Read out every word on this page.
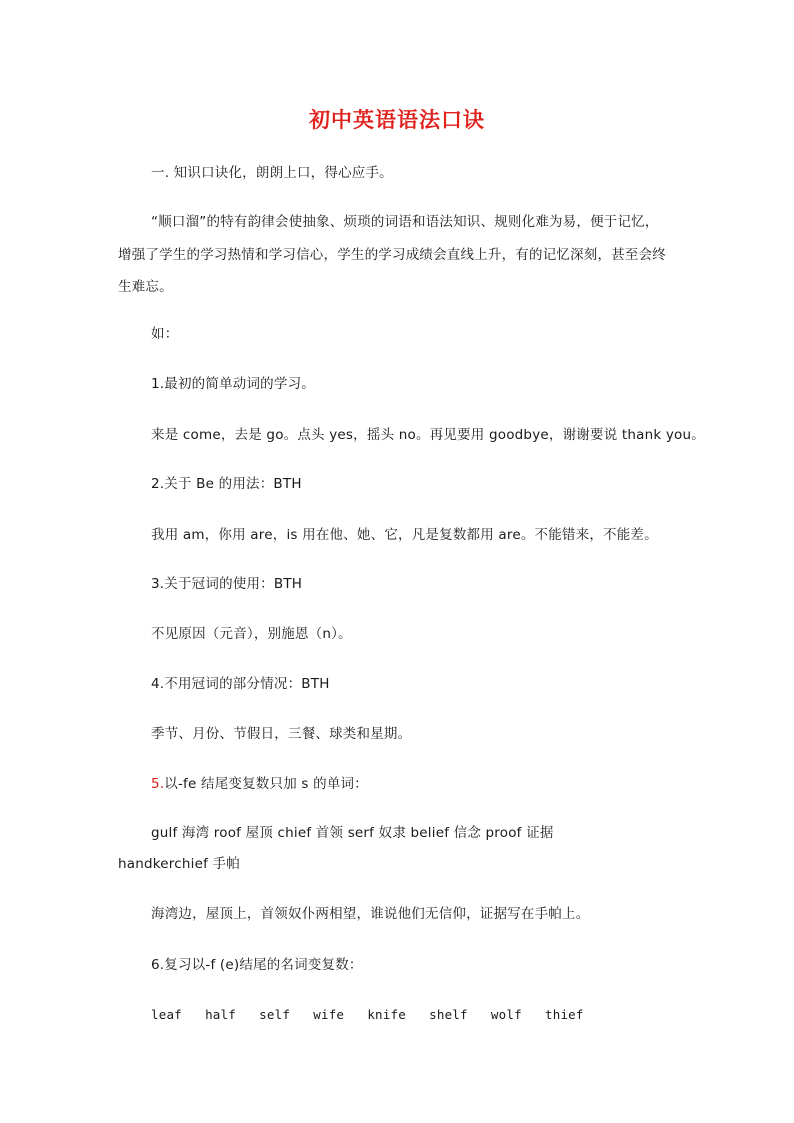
初中英语语法口诀
一. 知识口诀化，朗朗上口，得心应手。
“顺口溜”的特有韵律会使抽象、烦琐的词语和语法知识、规则化难为易，便于记忆，
增强了学生的学习热情和学习信心，学生的学习成绩会直线上升，有的记忆深刻，甚至会终
生难忘。
如：
1.最初的简单动词的学习。
来是 come，去是 go。点头 yes，摇头 no。再见要用 goodbye，谢谢要说 thank you。
2.关于 Be 的用法：BTH
我用 am，你用 are，is 用在他、她、它，凡是复数都用 are。不能错来，不能差。
3.关于冠词的使用：BTH
不见原因（元音），别施恩（n）。
4.不用冠词的部分情况：BTH
季节、月份、节假日，三餐、球类和星期。
5.以-fe 结尾变复数只加 s 的单词：
gulf 海湾 roof 屋顶 chief 首领 serf 奴隶 belief 信念 proof 证据
handkerchief 手帕
海湾边，屋顶上，首领奴仆两相望，谁说他们无信仰，证据写在手帕上。
6.复习以-f (e)结尾的名词变复数：
leaf   half   self   wife   knife   shelf   wolf   thief
